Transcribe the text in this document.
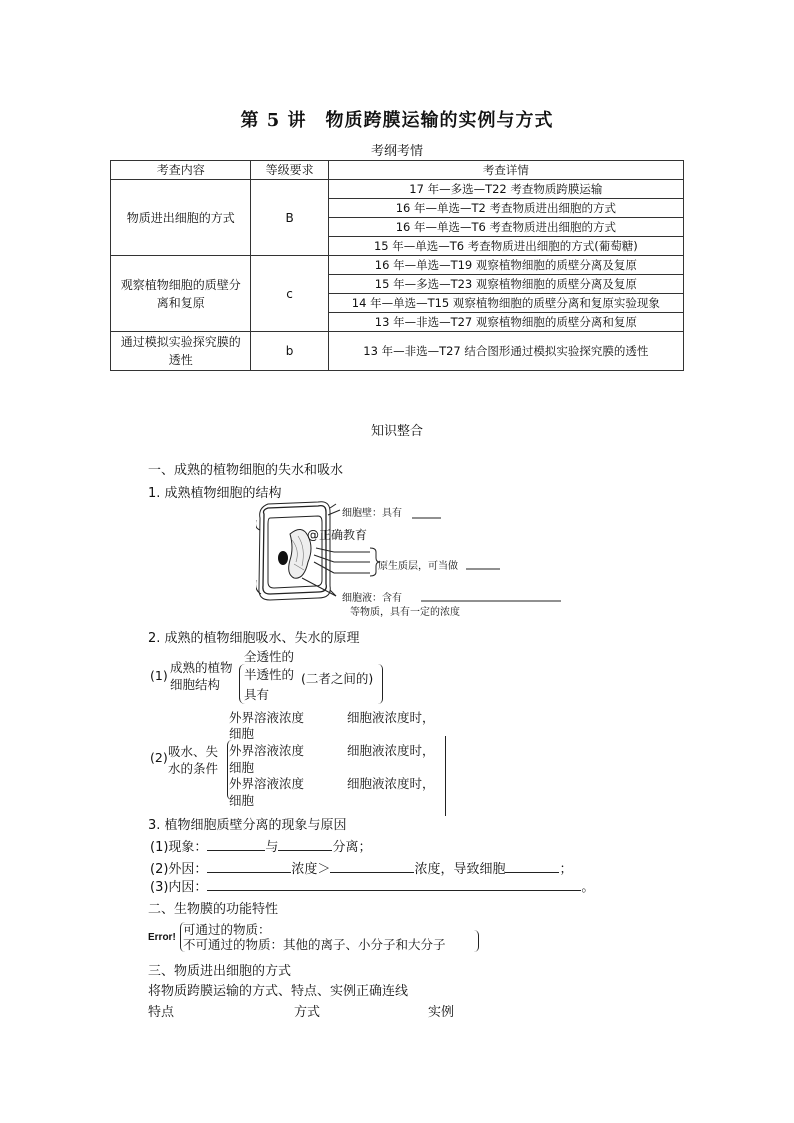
第 5 讲　物质跨膜运输的实例与方式
考纲考情
考查内容	等级要求	考查详情
物质进出细胞的方式	B	17 年—多选—T22 考查物质跨膜运输
		16 年—单选—T2 考查物质进出细胞的方式
		16 年—单选—T6 考查物质进出细胞的方式
		15 年—单选—T6 考查物质进出细胞的方式(葡萄糖)
观察植物细胞的质壁分离和复原	c	16 年—单选—T19 观察植物细胞的质壁分离及复原
		15 年—多选—T23 观察植物细胞的质壁分离及复原
		14 年—单选—T15 观察植物细胞的质壁分离和复原实验现象
		13 年—非选—T27 观察植物细胞的质壁分离和复原
通过模拟实验探究膜的透性	b	13 年—非选—T27 结合图形通过模拟实验探究膜的透性
知识整合
一、成熟的植物细胞的失水和吸水
1. 成熟植物细胞的结构
细胞壁：具有
@正确教育
原生质层，可当做
细胞液：含有
等物质，具有一定的浓度
2. 成熟的植物细胞吸水、失水的原理
(1)
成熟的植物
细胞结构
全透性的
半透性的 (二者之间的)
具有
(2) 吸水、失
水的条件
外界溶液浓度	细胞液浓度时，
细胞
外界溶液浓度	细胞液浓度时，
细胞
外界溶液浓度	细胞液浓度时，
细胞
3. 植物细胞质壁分离的现象与原因
(1)现象：	与	分离；
(2)外因：	浓度＞	浓度，导致细胞	；
(3)内因：	。
二、生物膜的功能特性
Error!
可通过的物质：
不可通过的物质：其他的离子、小分子和大分子
三、物质进出细胞的方式
将物质跨膜运输的方式、特点、实例正确连线
特点	方式	实例
